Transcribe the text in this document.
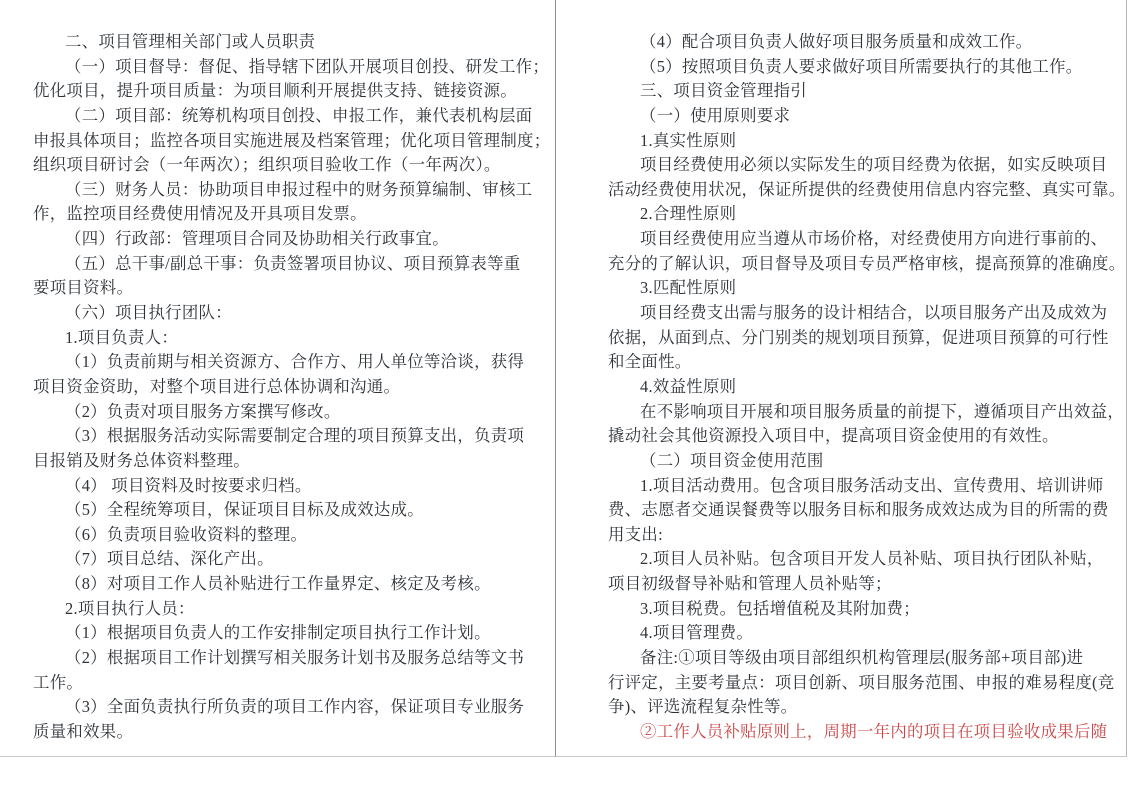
二、项目管理相关部门或人员职责
（一）项目督导：督促、指导辖下团队开展项目创投、研发工作；
优化项目，提升项目质量：为项目顺利开展提供支持、链接资源。
（二）项目部：统筹机构项目创投、申报工作，兼代表机构层面
申报具体项目；监控各项目实施进展及档案管理；优化项目管理制度；
组织项目研讨会（一年两次）；组织项目验收工作（一年两次）。
（三）财务人员：协助项目申报过程中的财务预算编制、审核工
作，监控项目经费使用情况及开具项目发票。
（四）行政部：管理项目合同及协助相关行政事宜。
（五）总干事/副总干事：负责签署项目协议、项目预算表等重
要项目资料。
（六）项目执行团队：
1.项目负责人：
（1）负责前期与相关资源方、合作方、用人单位等洽谈，获得
项目资金资助，对整个项目进行总体协调和沟通。
（2）负责对项目服务方案撰写修改。
（3）根据服务活动实际需要制定合理的项目预算支出，负责项
目报销及财务总体资料整理。
（4） 项目资料及时按要求归档。
（5）全程统筹项目，保证项目目标及成效达成。
（6）负责项目验收资料的整理。
（7）项目总结、深化产出。
（8）对项目工作人员补贴进行工作量界定、核定及考核。
2.项目执行人员：
（1）根据项目负责人的工作安排制定项目执行工作计划。
（2）根据项目工作计划撰写相关服务计划书及服务总结等文书
工作。
（3）全面负责执行所负责的项目工作内容，保证项目专业服务
质量和效果。
（4）配合项目负责人做好项目服务质量和成效工作。
（5）按照项目负责人要求做好项目所需要执行的其他工作。
三、项目资金管理指引
（一）使用原则要求
1.真实性原则
项目经费使用必须以实际发生的项目经费为依据，如实反映项目
活动经费使用状况，保证所提供的经费使用信息内容完整、真实可靠。
2.合理性原则
项目经费使用应当遵从市场价格，对经费使用方向进行事前的、
充分的了解认识，项目督导及项目专员严格审核，提高预算的准确度。
3.匹配性原则
项目经费支出需与服务的设计相结合，以项目服务产出及成效为
依据，从面到点、分门别类的规划项目预算，促进项目预算的可行性
和全面性。
4.效益性原则
在不影响项目开展和项目服务质量的前提下，遵循项目产出效益，
撬动社会其他资源投入项目中，提高项目资金使用的有效性。
（二）项目资金使用范围
1.项目活动费用。包含项目服务活动支出、宣传费用、培训讲师
费、志愿者交通误餐费等以服务目标和服务成效达成为目的所需的费
用支出:
2.项目人员补贴。包含项目开发人员补贴、项目执行团队补贴，
项目初级督导补贴和管理人员补贴等；
3.项目税费。包括增值税及其附加费；
4.项目管理费。
备注:①项目等级由项目部组织机构管理层(服务部+项目部)进
行评定，主要考量点：项目创新、项目服务范围、申报的难易程度(竞
争)、评选流程复杂性等。
②工作人员补贴原则上，周期一年内的项目在项目验收成果后随
